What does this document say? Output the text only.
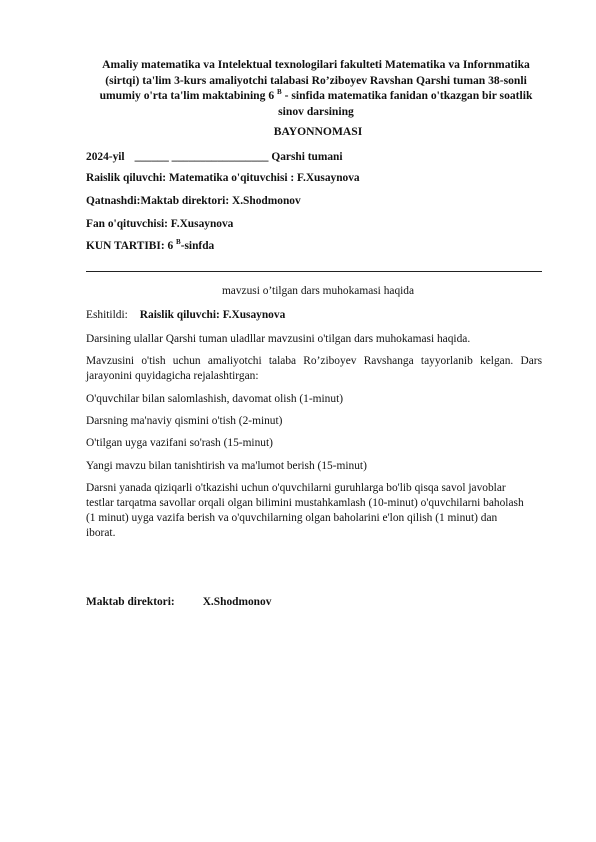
Amaliy matematika va Intelektual texnologilari fakulteti Matematika va Infornmatika
(sirtqi) ta'lim 3-kurs amaliyotchi talabasi Ro’ziboyev Ravshan Qarshi tuman 38-sonli
umumiy o'rta ta'lim maktabining 6 $^B$ - sinfida matematika fanidan o'tkazgan bir soatlik
sinov darsining
BAYONNOMASI
2024-yil ______ _________________ Qarshi tumani
Raislik qiluvchi: Matematika o'qituvchisi : F.Xusaynova
Qatnashdi:Maktab direktori: X.Shodmonov
Fan o'qituvchisi: F.Xusaynova
KUN TARTIBI: 6 $^B$-sinfda
mavzusi o’tilgan dars muhokamasi haqida
Eshitildi: Raislik qiluvchi: F.Xusaynova
Darsining ulallar Qarshi tuman uladllar mavzusini o'tilgan dars muhokamasi haqida.
Mavzusini o'tish uchun amaliyotchi talaba Ro’ziboyev Ravshanga tayyorlanib kelgan. Dars jarayonini quyidagicha rejalashtirgan:
O'quvchilar bilan salomlashish, davomat olish (1-minut)
Darsning ma'naviy qismini o'tish (2-minut)
O'tilgan uyga vazifani so'rash (15-minut)
Yangi mavzu bilan tanishtirish va ma'lumot berish (15-minut)
Darsni yanada qiziqarli o'tkazishi uchun o'quvchilarni guruhlarga bo'lib qisqa savol javoblar
testlar tarqatma savollar orqali olgan bilimini mustahkamlash (10-minut) o'quvchilarni baholash
(1 minut) uyga vazifa berish va o'quvchilarning olgan baholarini e'lon qilish (1 minut) dan
iborat.
Maktab direktori: X.Shodmonov
